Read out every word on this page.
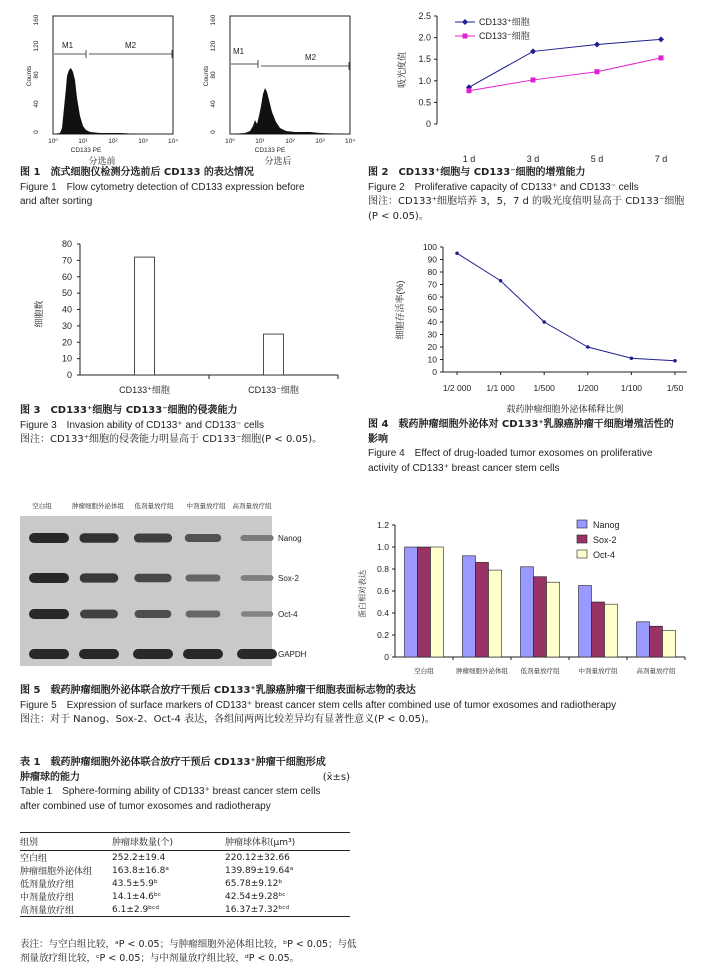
M1	M2
160
120
80
40
0
Counts
10⁰	10¹	10²	10³	10⁴
CD133 PE
分选前
M1
M2
160
120
80
40
0
Counts
10⁰	10¹	10²	10³	10⁴
CD133 PE
分选后
图 1　流式细胞仪检测分选前后 CD133 的表达情况
Figure 1　Flow cytometry detection of CD133 expression before
and after sorting
0
0.5
1.0
1.5
2.0
2.5
1 d	3 d	5 d	7 d
吸光度值
CD133⁺细胞
CD133⁻细胞
图 2　CD133⁺细胞与 CD133⁻细胞的增殖能力
Figure 2　Proliferative capacity of CD133⁺ and CD133⁻ cells
图注：CD133⁺细胞培养 3，5，7 d 的吸光度值明显高于 CD133⁻细胞
(P < 0.05)。
0
10
20
30
40
50
60
70
80
细胞数
CD133⁺细胞	CD133⁻细胞
图 3　CD133⁺细胞与 CD133⁻细胞的侵袭能力
Figure 3　Invasion ability of CD133⁺ and CD133⁻ cells
图注：CD133⁺细胞的侵袭能力明显高于 CD133⁻细胞(P < 0.05)。
0
10
20
30
40
50
60
70
80
90
100
1/2 000 1/1 000 1/500	1/200	1/100	1/50
载药肿瘤细胞外泌体稀释比例
细胞存活率(%)
图 4　载药肿瘤细胞外泌体对 CD133⁺乳腺癌肿瘤干细胞增殖活性的
影响
Figure 4　Effect of drug-loaded tumor exosomes on proliferative
activity of CD133⁺ breast cancer stem cells
空白组	肿瘤细胞外泌体组 低剂量放疗组 中剂量放疗组 高剂量放疗组
Nanog
Sox-2
Oct-4
GAPDH	0
0.2
0.4
0.6
0.8
1.0
1.2
蛋白相对表达
空白组	肿瘤细胞外泌体组 低剂量放疗组	中剂量放疗组	高剂量放疗组
Nanog
Sox-2
Oct-4
图 5　载药肿瘤细胞外泌体联合放疗干预后 CD133⁺乳腺癌肿瘤干细胞表面标志物的表达
Figure 5　Expression of surface markers of CD133⁺ breast cancer stem cells after combined use of tumor exosomes and radiotherapy
图注：对于 Nanog、Sox-2、Oct-4 表达，各组间两两比较差异均有显著性意义(P < 0.05)。
表 1　载药肿瘤细胞外泌体联合放疗干预后 CD133⁺肿瘤干细胞形成
肿瘤球的能力	(x̄±s)
Table 1　Sphere-forming ability of CD133⁺ breast cancer stem cells
after combined use of tumor exosomes and radiotherapy
组别	肿瘤球数量(个)	肿瘤球体积(μm³)
空白组	252.2±19.4	220.12±32.66
肿瘤细胞外泌体组	163.8±16.8ᵃ	139.89±19.64ᵃ
低剂量放疗组	43.5±5.9ᵇ	65.78±9.12ᵇ
中剂量放疗组	14.1±4.6ᵇᶜ	42.54±9.28ᵇᶜ
高剂量放疗组	6.1±2.9ᵇᶜᵈ	16.37±7.32ᵇᶜᵈ
表注：与空白组比较，ᵃP < 0.05；与肿瘤细胞外泌体组比较，ᵇP < 0.05；与低
剂量放疗组比较，ᶜP < 0.05；与中剂量放疗组比较，ᵈP < 0.05。
